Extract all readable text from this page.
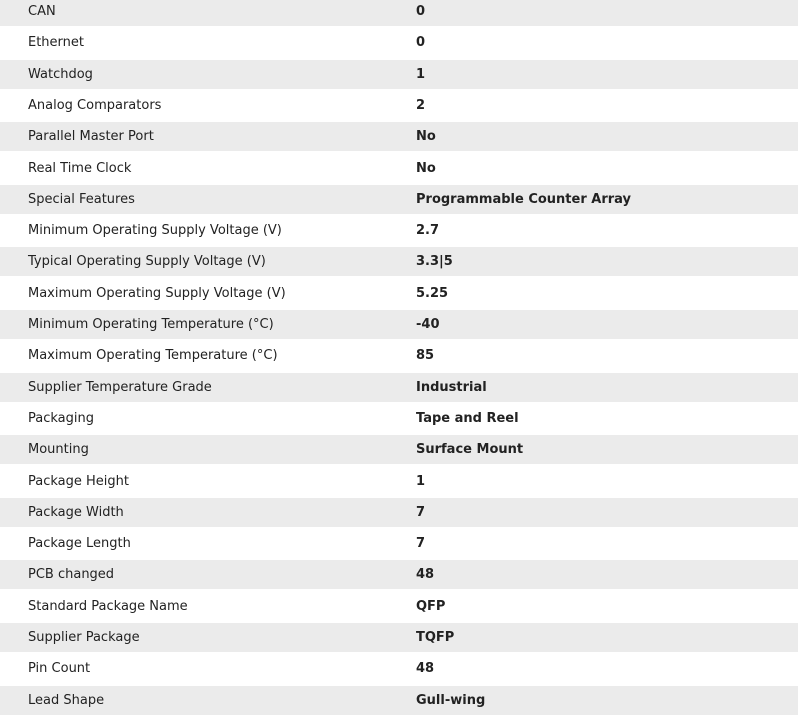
CAN	0
Ethernet	0
Watchdog	1
Analog Comparators	2
Parallel Master Port	No
Real Time Clock	No
Special Features	Programmable Counter Array
Minimum Operating Supply Voltage (V)	2.7
Typical Operating Supply Voltage (V)	3.3|5
Maximum Operating Supply Voltage (V)	5.25
Minimum Operating Temperature (°C)	-40
Maximum Operating Temperature (°C)	85
Supplier Temperature Grade	Industrial
Packaging	Tape and Reel
Mounting	Surface Mount
Package Height	1
Package Width	7
Package Length	7
PCB changed	48
Standard Package Name	QFP
Supplier Package	TQFP
Pin Count	48
Lead Shape	Gull-wing
